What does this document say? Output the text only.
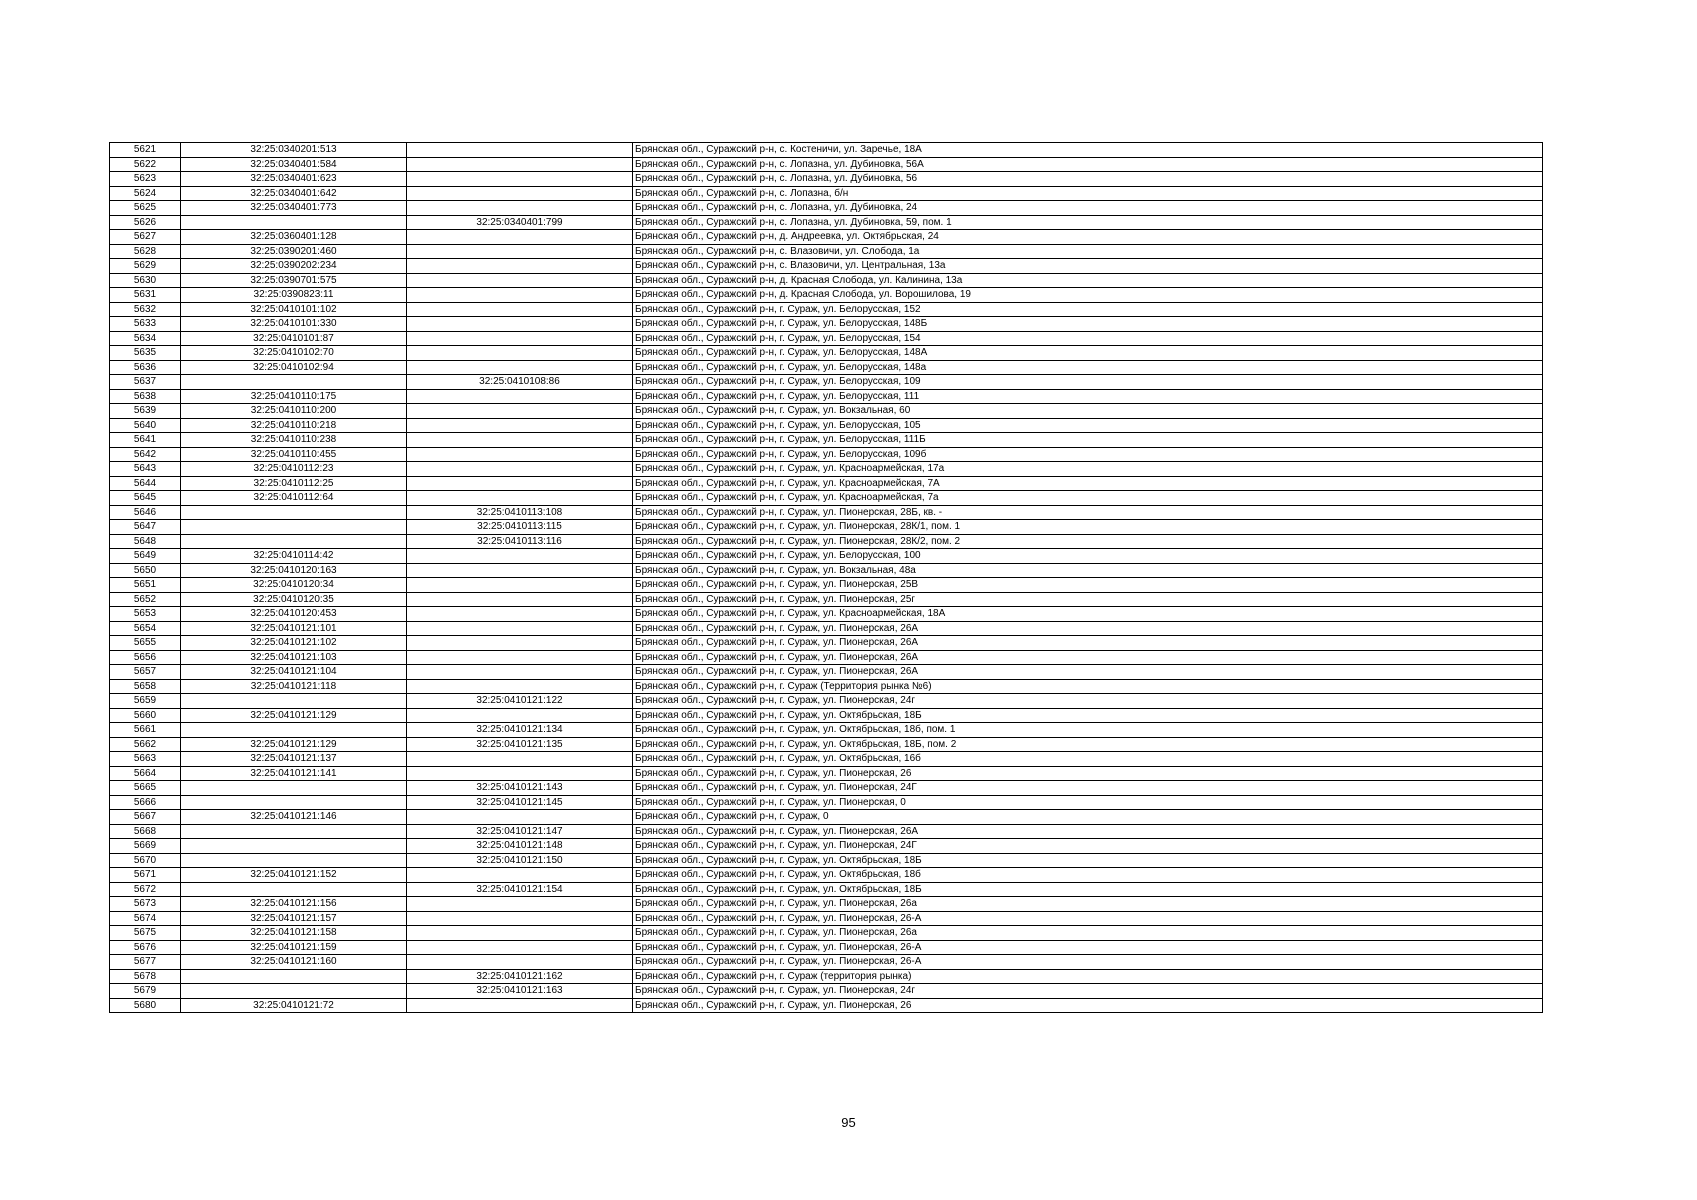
5621	32:25:0340201:513		Брянская обл., Суражский р-н, с. Костеничи, ул. Заречье, 18А
5622	32:25:0340401:584		Брянская обл., Суражский р-н, с. Лопазна, ул. Дубиновка, 56А
5623	32:25:0340401:623		Брянская обл., Суражский р-н, с. Лопазна, ул. Дубиновка, 56
5624	32:25:0340401:642		Брянская обл., Суражский р-н, с. Лопазна, б/н
5625	32:25:0340401:773		Брянская обл., Суражский р-н, с. Лопазна, ул. Дубиновка, 24
5626		32:25:0340401:799	Брянская обл., Суражский р-н, с. Лопазна, ул. Дубиновка, 59, пом. 1
5627	32:25:0360401:128		Брянская обл., Суражский р-н, д. Андреевка, ул. Октябрьская, 24
5628	32:25:0390201:460		Брянская обл., Суражский р-н, с. Влазовичи, ул. Слобода, 1а
5629	32:25:0390202:234		Брянская обл., Суражский р-н, с. Влазовичи, ул. Центральная, 13а
5630	32:25:0390701:575		Брянская обл., Суражский р-н, д. Красная Слобода, ул. Калинина, 13а
5631	32:25:0390823:11		Брянская обл., Суражский р-н, д. Красная Слобода, ул. Ворошилова, 19
5632	32:25:0410101:102		Брянская обл., Суражский р-н, г. Сураж, ул. Белорусская, 152
5633	32:25:0410101:330		Брянская обл., Суражский р-н, г. Сураж, ул. Белорусская, 148Б
5634	32:25:0410101:87		Брянская обл., Суражский р-н, г. Сураж, ул. Белорусская, 154
5635	32:25:0410102:70		Брянская обл., Суражский р-н, г. Сураж, ул. Белорусская, 148А
5636	32:25:0410102:94		Брянская обл., Суражский р-н, г. Сураж, ул. Белорусская, 148а
5637		32:25:0410108:86	Брянская обл., Суражский р-н, г. Сураж, ул. Белорусская, 109
5638	32:25:0410110:175		Брянская обл., Суражский р-н, г. Сураж, ул. Белорусская, 111
5639	32:25:0410110:200		Брянская обл., Суражский р-н, г. Сураж, ул. Вокзальная, 60
5640	32:25:0410110:218		Брянская обл., Суражский р-н, г. Сураж, ул. Белорусская, 105
5641	32:25:0410110:238		Брянская обл., Суражский р-н, г. Сураж, ул. Белорусская, 111Б
5642	32:25:0410110:455		Брянская обл., Суражский р-н, г. Сураж, ул. Белорусская, 109б
5643	32:25:0410112:23		Брянская обл., Суражский р-н, г. Сураж, ул. Красноармейская, 17а
5644	32:25:0410112:25		Брянская обл., Суражский р-н, г. Сураж, ул. Красноармейская, 7А
5645	32:25:0410112:64		Брянская обл., Суражский р-н, г. Сураж, ул. Красноармейская, 7а
5646		32:25:0410113:108	Брянская обл., Суражский р-н, г. Сураж, ул. Пионерская, 28Б, кв. -
5647		32:25:0410113:115	Брянская обл., Суражский р-н, г. Сураж, ул. Пионерская, 28К/1, пом. 1
5648		32:25:0410113:116	Брянская обл., Суражский р-н, г. Сураж, ул. Пионерская, 28К/2, пом. 2
5649	32:25:0410114:42		Брянская обл., Суражский р-н, г. Сураж, ул. Белорусская, 100
5650	32:25:0410120:163		Брянская обл., Суражский р-н, г. Сураж, ул. Вокзальная, 48а
5651	32:25:0410120:34		Брянская обл., Суражский р-н, г. Сураж, ул. Пионерская, 25В
5652	32:25:0410120:35		Брянская обл., Суражский р-н, г. Сураж, ул. Пионерская, 25г
5653	32:25:0410120:453		Брянская обл., Суражский р-н, г. Сураж, ул. Красноармейская, 18А
5654	32:25:0410121:101		Брянская обл., Суражский р-н, г. Сураж, ул. Пионерская, 26А
5655	32:25:0410121:102		Брянская обл., Суражский р-н, г. Сураж, ул. Пионерская, 26А
5656	32:25:0410121:103		Брянская обл., Суражский р-н, г. Сураж, ул. Пионерская, 26А
5657	32:25:0410121:104		Брянская обл., Суражский р-н, г. Сураж, ул. Пионерская, 26А
5658	32:25:0410121:118		Брянская обл., Суражский р-н, г. Сураж (Территория рынка №6)
5659		32:25:0410121:122	Брянская обл., Суражский р-н, г. Сураж, ул. Пионерская, 24г
5660	32:25:0410121:129		Брянская обл., Суражский р-н, г. Сураж, ул. Октябрьская, 18Б
5661		32:25:0410121:134	Брянская обл., Суражский р-н, г. Сураж, ул. Октябрьская, 18б, пом. 1
5662	32:25:0410121:129	32:25:0410121:135	Брянская обл., Суражский р-н, г. Сураж, ул. Октябрьская, 18Б, пом. 2
5663	32:25:0410121:137		Брянская обл., Суражский р-н, г. Сураж, ул. Октябрьская, 16б
5664	32:25:0410121:141		Брянская обл., Суражский р-н, г. Сураж, ул. Пионерская, 26
5665		32:25:0410121:143	Брянская обл., Суражский р-н, г. Сураж, ул. Пионерская, 24Г
5666		32:25:0410121:145	Брянская обл., Суражский р-н, г. Сураж, ул. Пионерская, 0
5667	32:25:0410121:146		Брянская обл., Суражский р-н, г. Сураж, 0
5668		32:25:0410121:147	Брянская обл., Суражский р-н, г. Сураж, ул. Пионерская, 26А
5669		32:25:0410121:148	Брянская обл., Суражский р-н, г. Сураж, ул. Пионерская, 24Г
5670		32:25:0410121:150	Брянская обл., Суражский р-н, г. Сураж, ул. Октябрьская, 18Б
5671	32:25:0410121:152		Брянская обл., Суражский р-н, г. Сураж, ул. Октябрьская, 18б
5672		32:25:0410121:154	Брянская обл., Суражский р-н, г. Сураж, ул. Октябрьская, 18Б
5673	32:25:0410121:156		Брянская обл., Суражский р-н, г. Сураж, ул. Пионерская, 26а
5674	32:25:0410121:157		Брянская обл., Суражский р-н, г. Сураж, ул. Пионерская, 26-А
5675	32:25:0410121:158		Брянская обл., Суражский р-н, г. Сураж, ул. Пионерская, 26а
5676	32:25:0410121:159		Брянская обл., Суражский р-н, г. Сураж, ул. Пионерская, 26-А
5677	32:25:0410121:160		Брянская обл., Суражский р-н, г. Сураж, ул. Пионерская, 26-А
5678		32:25:0410121:162	Брянская обл., Суражский р-н, г. Сураж (территория рынка)
5679		32:25:0410121:163	Брянская обл., Суражский р-н, г. Сураж, ул. Пионерская, 24г
5680	32:25:0410121:72		Брянская обл., Суражский р-н, г. Сураж, ул. Пионерская, 26
95
